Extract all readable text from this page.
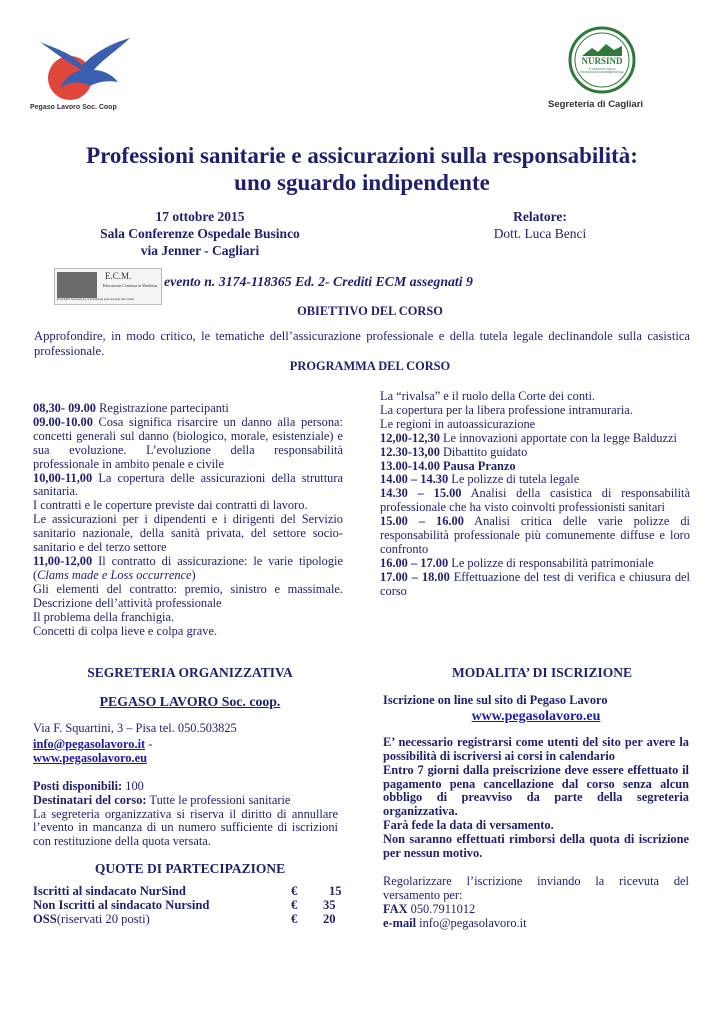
Pegaso Lavoro Soc. Coop
NURSIND
IL SINDACATO DELLE PROFESSIONI INFERMIERISTICHE
Segreteria di Cagliari
Professioni sanitarie e assicurazioni sulla responsabilità:
uno sguardo indipendente
17 ottobre 2015
Sala Conferenze Ospedale Businco
via Jenner - Cagliari
Relatore:
Dott. Luca Benci
E.C.M.
Educazione Continua in Medicina
Programma Nazionale per la Formazione degli operatori della Sanità
evento n. 3174-118365 Ed. 2- Crediti ECM assegnati 9
OBIETTIVO DEL CORSO
Approfondire, in modo critico, le tematiche dell’assicurazione professionale e della tutela legale declinandole sulla casistica professionale.
PROGRAMMA DEL CORSO

08,30- 09.00 Registrazione partecipanti

09.00-10.00 Cosa significa risarcire un danno alla persona: concetti generali sul danno (biologico, morale, esistenziale) e sua evoluzione. L’evoluzione della responsabilità professionale in ambito penale e civile

10,00-11,00 La copertura delle assicurazioni della struttura sanitaria.

I contratti e le coperture previste dai contratti di lavoro.

Le assicurazioni per i dipendenti e i dirigenti del Servizio sanitario nazionale, della sanità privata, del settore socio-sanitario e del terzo settore

11,00-12,00 Il contratto di assicurazione: le varie tipologie (Clams made e Loss occurrence)

Gli elementi del contratto: premio, sinistro e massimale. Descrizione dell’attività professionale

Il problema della franchigia.

Concetti di colpa lieve e colpa grave.

La “rivalsa” e il ruolo della Corte dei conti.

La copertura per la libera professione intramuraria.

Le regioni in autoassicurazione

12,00-12,30 Le innovazioni apportate con la legge Balduzzi

12.30-13,00 Dibattito guidato

13.00-14.00 Pausa Pranzo

14.00 – 14.30 Le polizze di tutela legale

14.30 – 15.00 Analisi della casistica di responsabilità professionale che ha visto coinvolti professionisti sanitari

15.00 – 16.00 Analisi critica delle varie polizze di responsabilità professionale più comunemente diffuse e loro confronto

16.00 – 17.00 Le polizze di responsabilità patrimoniale

17.00 – 18.00 Effettuazione del test di verifica e chiusura del corso

SEGRETERIA ORGANIZZATIVA
PEGASO LAVORO Soc. coop.

Via F. Squartini, 3 – Pisa tel. 050.503825

info@pegasolavoro.it -

www.pegasolavoro.eu

Posti disponibili: 100

Destinatari del corso: Tutte le professioni sanitarie

La segreteria organizzativa si riserva il diritto di annullare l’evento in mancanza di un numero sufficiente di iscrizioni con restituzione della quota versata.

QUOTE DI PARTECIPAZIONE
Iscritti al sindacato NurSind	€	15
Non Iscritti al sindacato Nursind	€ 35
OSS(riservati 20 posti)	€ 20
MODALITA’ DI ISCRIZIONE

Iscrizione on line sul sito di Pegaso Lavoro

www.pegasolavoro.eu

E’ necessario registrarsi come utenti del sito per avere la possibilità di iscriversi ai corsi in calendario

Entro 7 giorni dalla preiscrizione deve essere effettuato il pagamento pena cancellazione dal corso senza alcun obbligo di preavviso da parte della segreteria organizzativa.

Farà fede la data di versamento.

Non saranno effettuati rimborsi della quota di iscrizione per nessun motivo.

Regolarizzare l’iscrizione inviando la ricevuta del versamento per:

FAX 050.7911012

e-mail info@pegasolavoro.it
